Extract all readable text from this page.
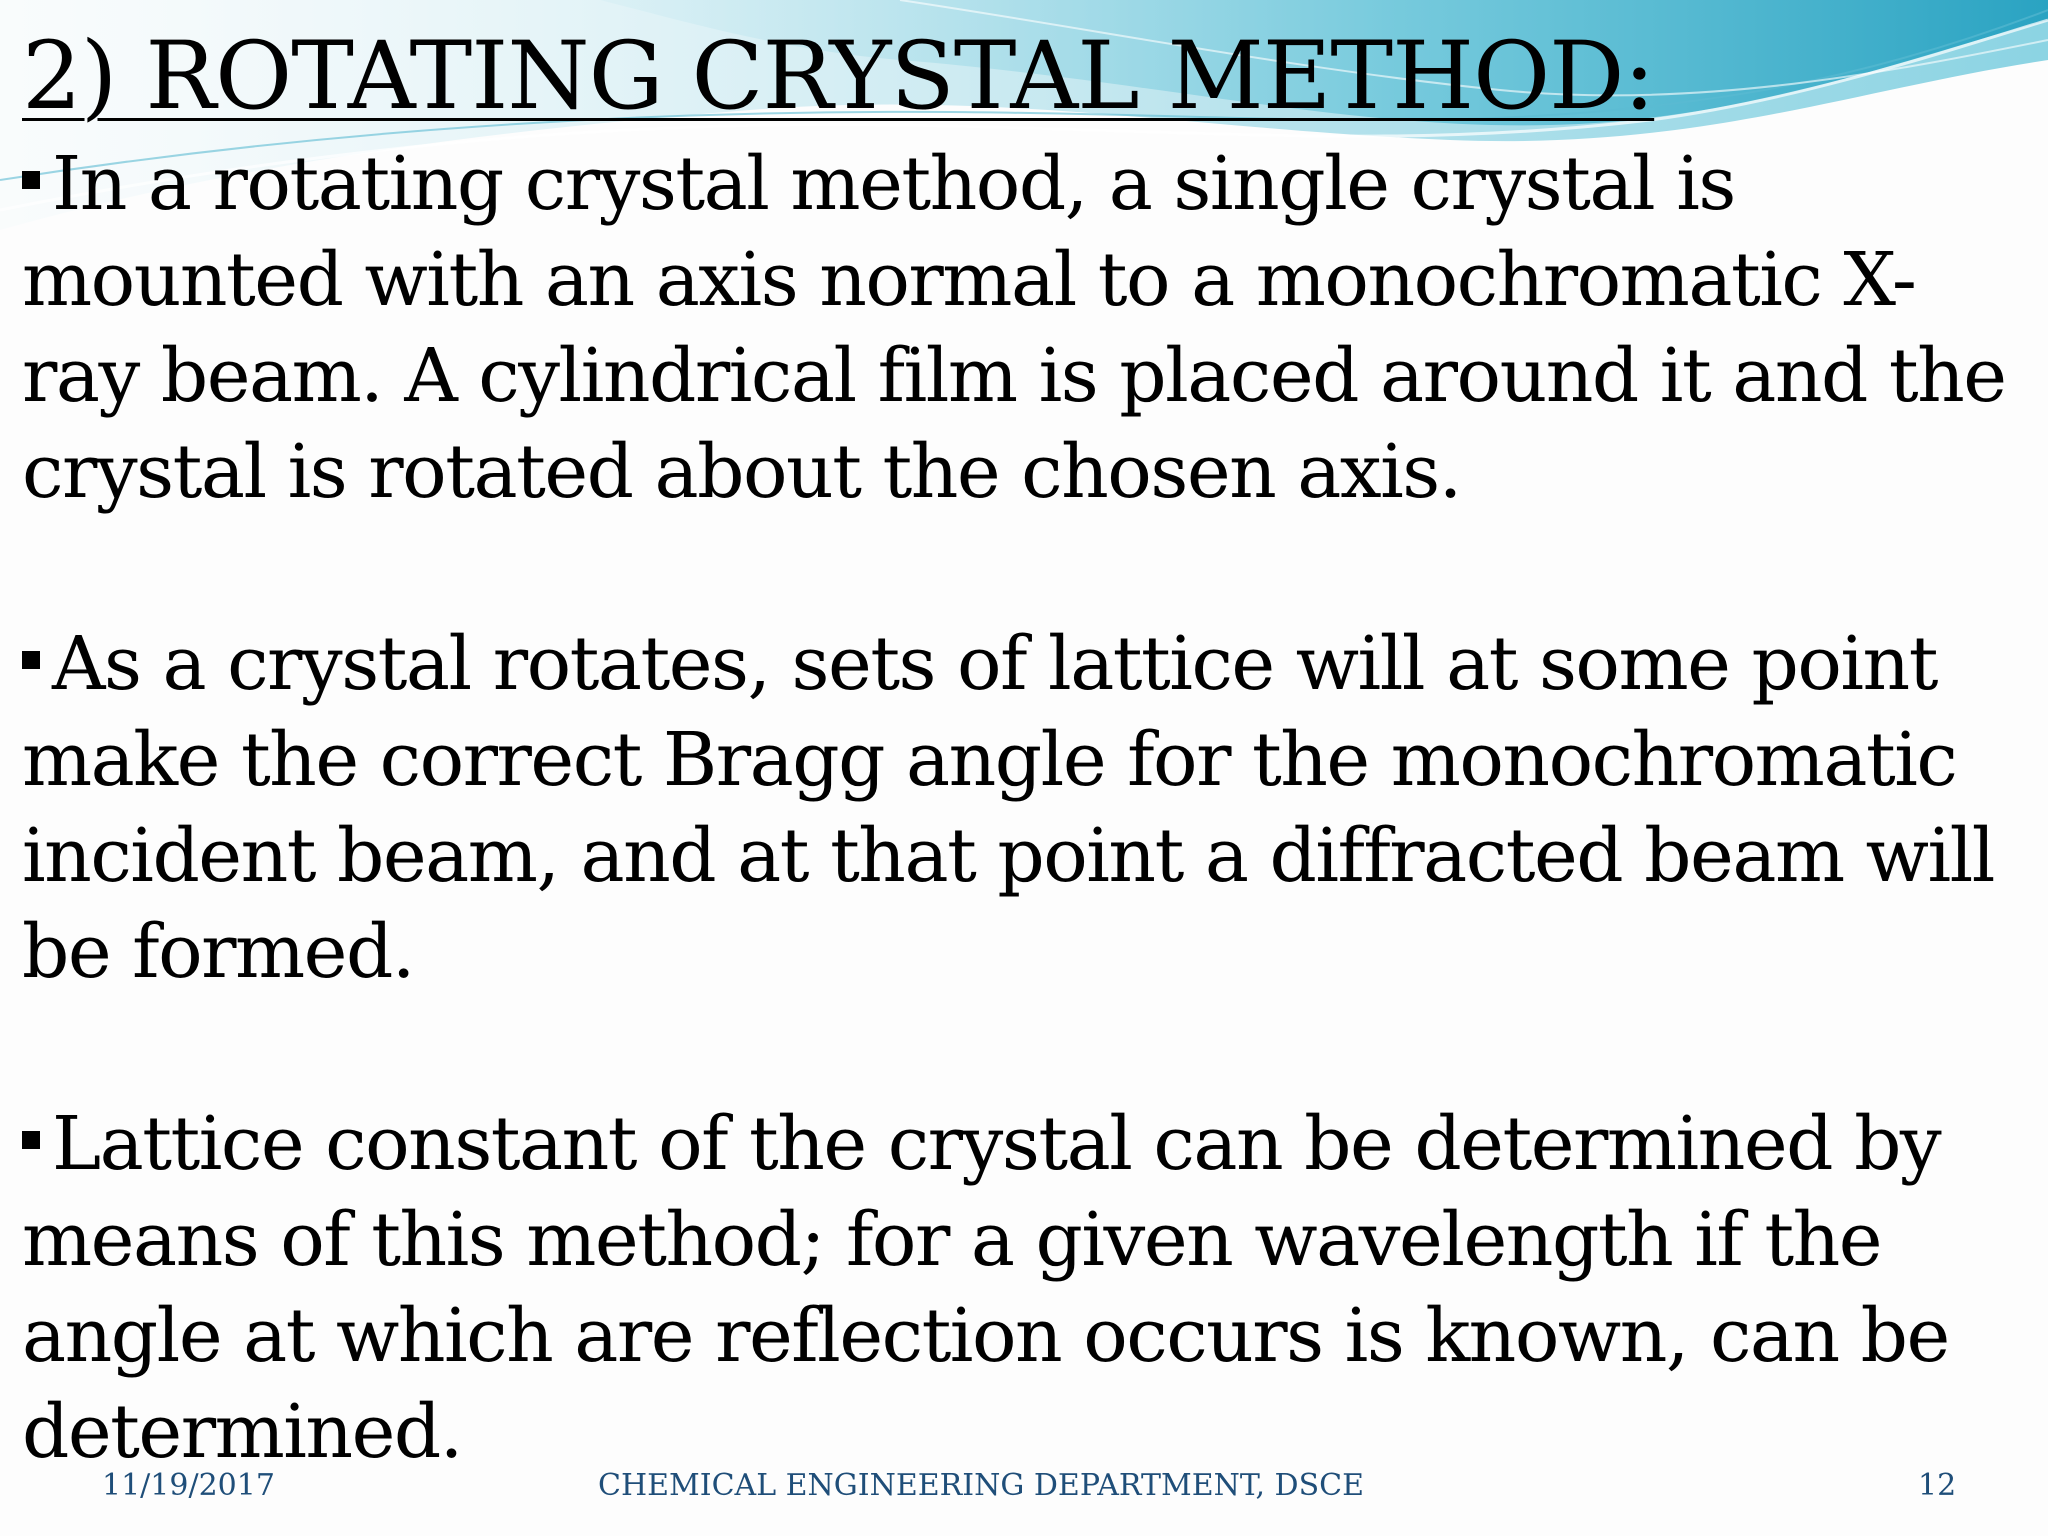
2) ROTATING CRYSTAL METHOD:

In a rotating crystal method, a single crystal is mounted with an axis normal to a monochromatic X-ray beam. A cylindrical film is placed around it and the crystal is rotated about the chosen axis.

As a crystal rotates, sets of lattice will at some point make the correct Bragg angle for the monochromatic incident beam, and at that point a diffracted beam will be formed.

Lattice constant of the crystal can be determined by means of this method; for a given wavelength if the angle at which are reflection occurs is known, can be determined.

11/19/2017	CHEMICAL ENGINEERING DEPARTMENT, DSCE	12
